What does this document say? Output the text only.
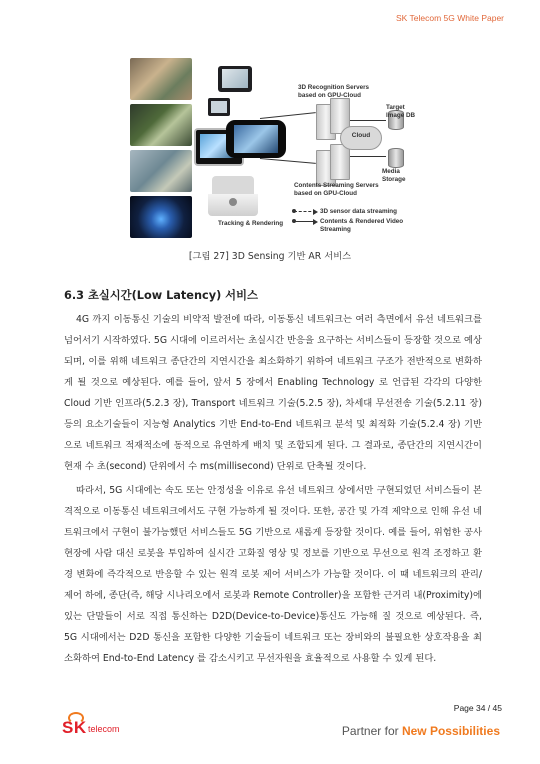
SK Telecom 5G White Paper
Cloud
3D Recognition Servers based on GPU-Cloud
Target Image DB
Media Storage
Contents Streaming Servers based on GPU-Cloud
Tracking & Rendering
3D sensor data streaming
Contents & Rendered Video Streaming
[그림 27] 3D Sensing 기반 AR 서비스
6.3 초실시간(Low Latency) 서비스

4G 까지 이동통신 기술의 비약적 발전에 따라, 이동통신 네트워크는 여러 측면에서 유선 네트워크를 넘어서기 시작하였다. 5G 시대에 이르러서는 초실시간 반응을 요구하는 서비스들이 등장할 것으로 예상되며, 이를 위해 네트워크 종단간의 지연시간을 최소화하기 위하여 네트워크 구조가 전반적으로 변화하게 될 것으로 예상된다. 예를 들어, 앞서 5 장에서 Enabling Technology 로 언급된 각각의 다양한 Cloud 기반 인프라(5.2.3 장), Transport 네트워크 기술(5.2.5 장), 차세대 무선전송 기술(5.2.11 장) 등의 요소기술들이 지능형 Analytics 기반 End-to-End 네트워크 분석 및 최적화 기술(5.2.4 장) 기반으로 네트워크 적재적소에 동적으로 유연하게 배치 및 조합되게 된다. 그 결과로, 종단간의 지연시간이 현재 수 초(second) 단위에서 수 ms(millisecond) 단위로 단축될 것이다.

따라서, 5G 시대에는 속도 또는 안정성을 이유로 유선 네트워크 상에서만 구현되었던 서비스들이 본격적으로 이동통신 네트워크에서도 구현 가능하게 될 것이다. 또한, 공간 및 가격 제약으로 인해 유선 네트워크에서 구현이 불가능했던 서비스들도 5G 기반으로 새롭게 등장할 것이다. 예를 들어, 위험한 공사 현장에 사람 대신 로봇을 투입하여 실시간 고화질 영상 및 정보를 기반으로 무선으로 원격 조정하고 환경 변화에 즉각적으로 반응할 수 있는 원격 로봇 제어 서비스가 가능할 것이다. 이 때 네트워크의 관리/제어 하에, 종단(즉, 해당 시나리오에서 로봇과 Remote Controller)을 포함한 근거리 내(Proximity)에 있는 단말들이 서로 직접 통신하는 D2D(Device-to-Device)통신도 가능해 질 것으로 예상된다. 즉, 5G 시대에서는 D2D 통신을 포함한 다양한 기술들이 네트워크 또는 장비와의 불필요한 상호작용을 최소화하여 End-to-End Latency 를 감소시키고 무선자원을 효율적으로 사용할 수 있게 된다.

Page 34 / 45
SK telecom	Partner for New Possibilities
